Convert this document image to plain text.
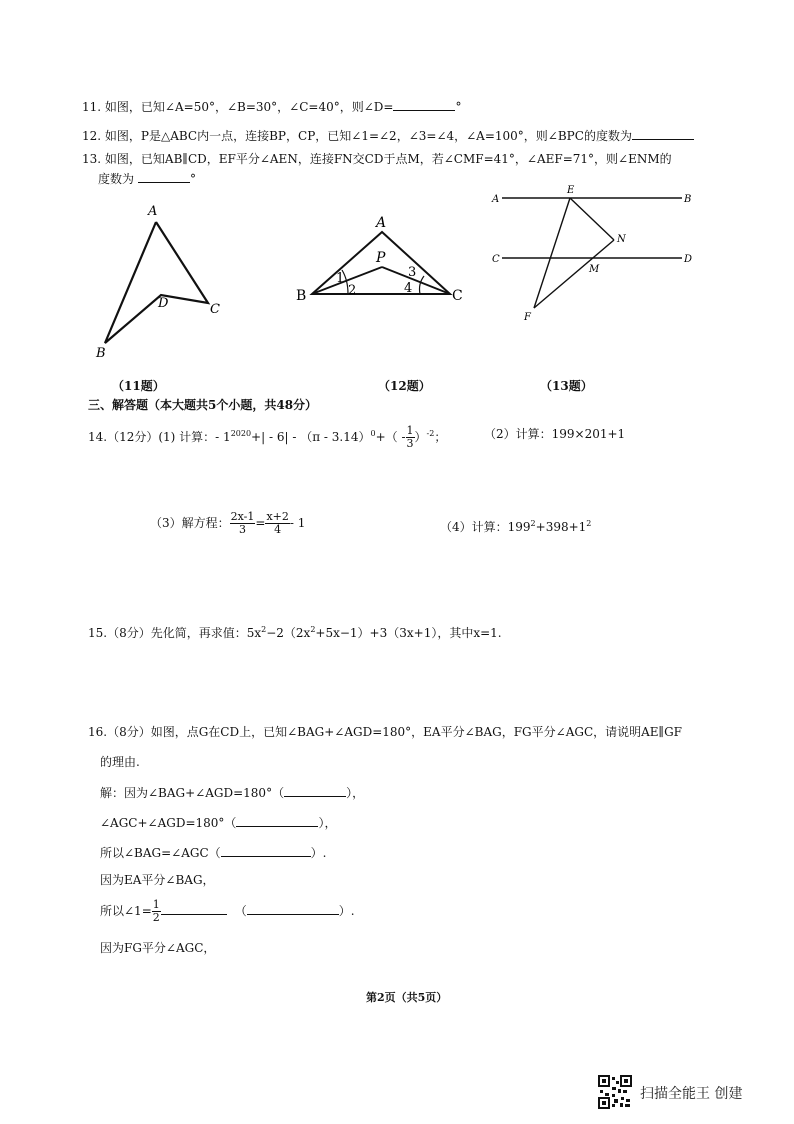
11. 如图，已知∠A=50°，∠B=30°，∠C=40°，则∠D=	°
12. 如图，P是△ABC内一点，连接BP，CP，已知∠1=∠2，∠3=∠4，∠A=100°，则∠BPC的度数为
13. 如图，已知AB∥CD，EF平分∠AEN，连接FN交CD于点M，若∠CMF=41°，∠AEF=71°，则∠ENM的
度数为	°
A
B
C
D
A
B	C
P
1
2
3
4
A	B
C	D
E
N
M
F
（11题）	（12题）	（13题）
三、解答题（本大题共5个小题，共48分）
14.（12分）(1) 计算：- $1^{2020}+| - 6| - (\pi - 3.14)^0+( - \frac{1}{3} )^{-2}$；	（2）计算：199×201+1
（3）解方程： $\frac{2x-1}{3} = \frac{x+2}{4} - 1$	（4）计算：$199^2+398+1^2$
15.（8分）先化简，再求值：$5x^2-2(2x^2+5x-1)+3(3x+1)$，其中x=1.
16.（8分）如图，点G在CD上，已知∠BAG+∠AGD=180°，EA平分∠BAG，FG平分∠AGC，请说明AE∥GF
的理由.
解：因为∠BAG+∠AGD=180°（	），
∠AGC+∠AGD=180°（	），
所以∠BAG=∠AGC（	）.
因为EA平分∠BAG，
所以∠1= $\frac{1}{2}$	（	）.
因为FG平分∠AGC，
第2页（共5页）
扫描全能王 创建
